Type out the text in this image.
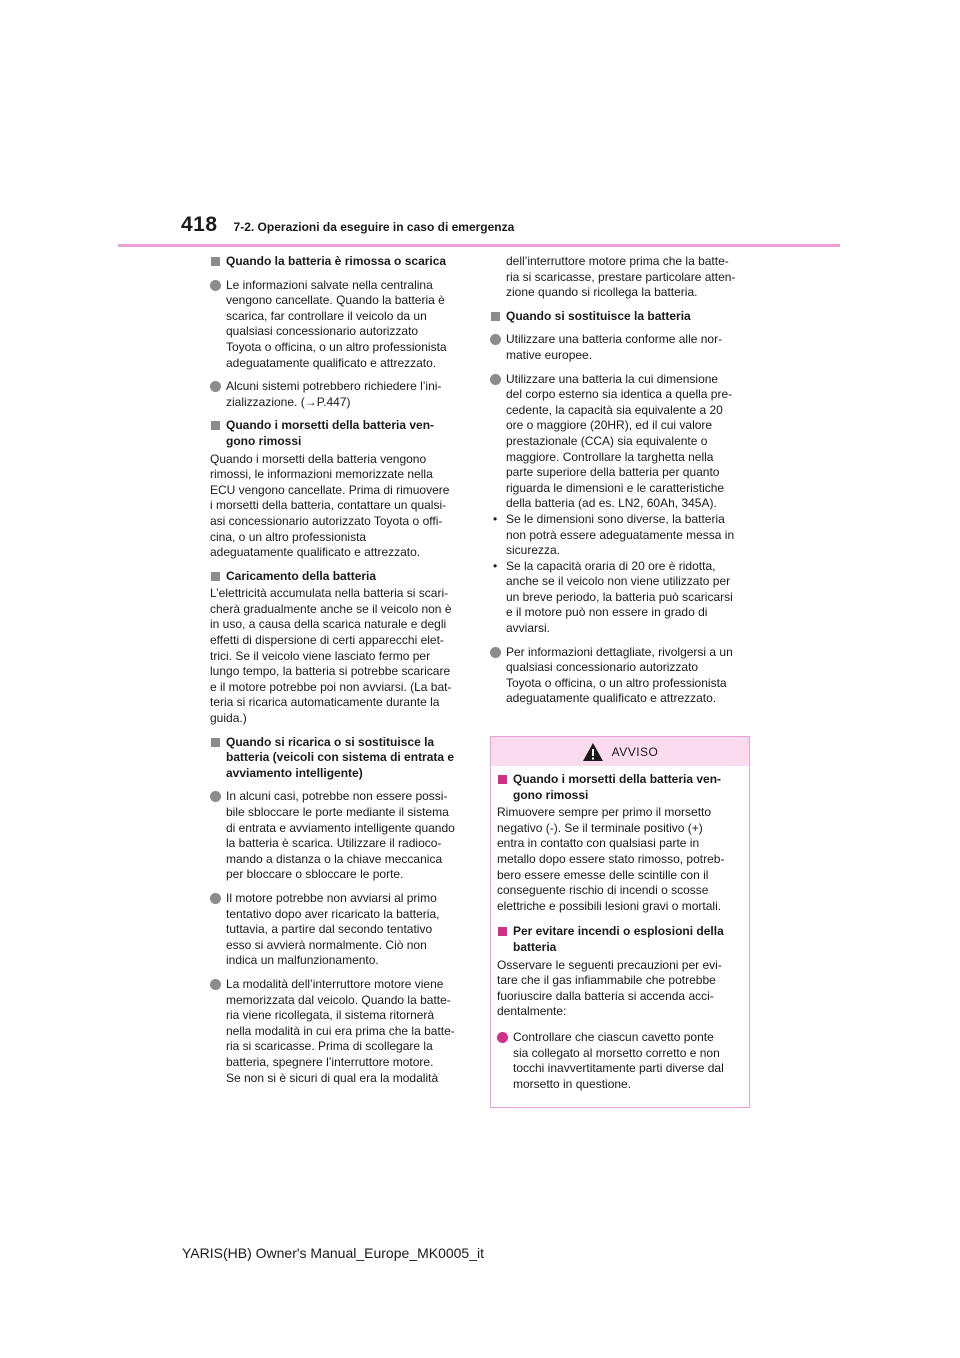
418 7-2. Operazioni da eseguire in caso di emergenza
Quando la batteria è rimossa o scarica
Le informazioni salvate nella centralina
vengono cancellate. Quando la batteria è
scarica, far controllare il veicolo da un
qualsiasi concessionario autorizzato
Toyota o officina, o un altro professionista
adeguatamente qualificato e attrezzato.
Alcuni sistemi potrebbero richiedere l’ini-
zializzazione. (→P.447)
Quando i morsetti della batteria ven-
gono rimossi
Quando i morsetti della batteria vengono
rimossi, le informazioni memorizzate nella
ECU vengono cancellate. Prima di rimuovere
i morsetti della batteria, contattare un qualsi-
asi concessionario autorizzato Toyota o offi-
cina, o un altro professionista
adeguatamente qualificato e attrezzato.
Caricamento della batteria
L’elettricità accumulata nella batteria si scari-
cherà gradualmente anche se il veicolo non è
in uso, a causa della scarica naturale e degli
effetti di dispersione di certi apparecchi elet-
trici. Se il veicolo viene lasciato fermo per
lungo tempo, la batteria si potrebbe scaricare
e il motore potrebbe poi non avviarsi. (La bat-
teria si ricarica automaticamente durante la
guida.)
Quando si ricarica o si sostituisce la
batteria (veicoli con sistema di entrata e
avviamento intelligente)
In alcuni casi, potrebbe non essere possi-
bile sbloccare le porte mediante il sistema
di entrata e avviamento intelligente quando
la batteria è scarica. Utilizzare il radioco-
mando a distanza o la chiave meccanica
per bloccare o sbloccare le porte.
Il motore potrebbe non avviarsi al primo
tentativo dopo aver ricaricato la batteria,
tuttavia, a partire dal secondo tentativo
esso si avvierà normalmente. Ciò non
indica un malfunzionamento.
La modalità dell’interruttore motore viene
memorizzata dal veicolo. Quando la batte-
ria viene ricollegata, il sistema ritornerà
nella modalità in cui era prima che la batte-
ria si scaricasse. Prima di scollegare la
batteria, spegnere l’interruttore motore.
Se non si è sicuri di qual era la modalità
dell’interruttore motore prima che la batte-
ria si scaricasse, prestare particolare atten-
zione quando si ricollega la batteria.
Quando si sostituisce la batteria
Utilizzare una batteria conforme alle nor-
mative europee.
Utilizzare una batteria la cui dimensione
del corpo esterno sia identica a quella pre-
cedente, la capacità sia equivalente a 20
ore o maggiore (20HR), ed il cui valore
prestazionale (CCA) sia equivalente o
maggiore. Controllare la targhetta nella
parte superiore della batteria per quanto
riguarda le dimensioni e le caratteristiche
della batteria (ad es. LN2, 60Ah, 345A).
• Se le dimensioni sono diverse, la batteria
non potrà essere adeguatamente messa in
sicurezza.
• Se la capacità oraria di 20 ore è ridotta,
anche se il veicolo non viene utilizzato per
un breve periodo, la batteria può scaricarsi
e il motore può non essere in grado di
avviarsi.
Per informazioni dettagliate, rivolgersi a un
qualsiasi concessionario autorizzato
Toyota o officina, o un altro professionista
adeguatamente qualificato e attrezzato.
AVVISO
Quando i morsetti della batteria ven-
gono rimossi
Rimuovere sempre per primo il morsetto
negativo (-). Se il terminale positivo (+)
entra in contatto con qualsiasi parte in
metallo dopo essere stato rimosso, potreb-
bero essere emesse delle scintille con il
conseguente rischio di incendi o scosse
elettriche e possibili lesioni gravi o mortali.
Per evitare incendi o esplosioni della
batteria
Osservare le seguenti precauzioni per evi-
tare che il gas infiammabile che potrebbe
fuoriuscire dalla batteria si accenda acci-
dentalmente:
Controllare che ciascun cavetto ponte
sia collegato al morsetto corretto e non
tocchi inavvertitamente parti diverse dal
morsetto in questione.
YARIS(HB) Owner's Manual_Europe_MK0005_it
